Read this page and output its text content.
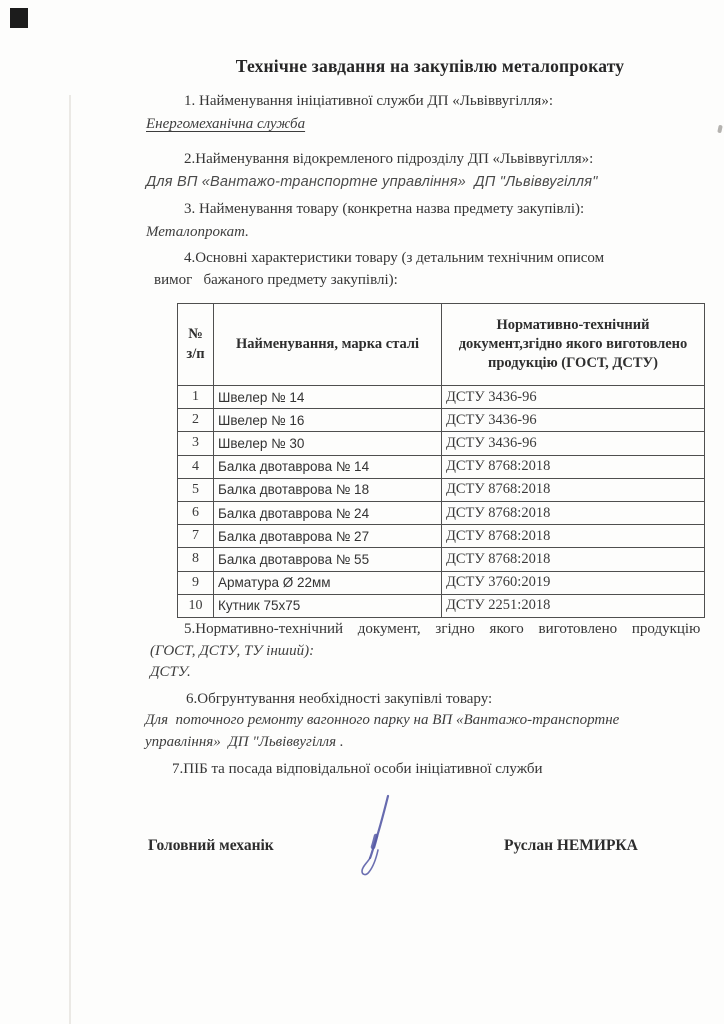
Технічне завдання на закупівлю металопрокату
1. Найменування ініціативної служби ДП «Львіввугілля»:
Енергомеханічна служба
2.Найменування відокремленого підрозділу ДП «Львіввугілля»:
Для ВП «Вантажо-транспортне управління»  ДП "Львіввугілля"
3. Найменування товару (конкретна назва предмету закупівлі):
Металопрокат.
4.Основні характеристики товару (з детальним технічним описом
вимог   бажаного предмету закупівлі):
№ з/п	Найменування, марка сталі	Нормативно-технічний документ,згідно якого виготовлено продукцію (ГОСТ, ДСТУ)
1	Швелер № 14	ДСТУ 3436-96
2	Швелер № 16	ДСТУ 3436-96
3	Швелер № 30	ДСТУ 3436-96
4	Балка двотаврова № 14	ДСТУ 8768:2018
5	Балка двотаврова № 18	ДСТУ 8768:2018
6	Балка двотаврова № 24	ДСТУ 8768:2018
7	Балка двотаврова № 27	ДСТУ 8768:2018
8	Балка двотаврова № 55	ДСТУ 8768:2018
9	Арматура Ø 22мм	ДСТУ 3760:2019
10	Кутник 75х75	ДСТУ 2251:2018
5.Нормативно-технічний документ, згідно якого виготовлено продукцію
(ГОСТ, ДСТУ, ТУ інший):
ДСТУ.
6.Обгрунтування необхідності закупівлі товару:
Для  поточного ремонту вагонного парку на ВП «Вантажо-транспортне
управління»  ДП "Львіввугілля .
7.ПІБ та посада відповідальної особи ініціативної служби
Головний механік	Руслан НЕМИРКА
